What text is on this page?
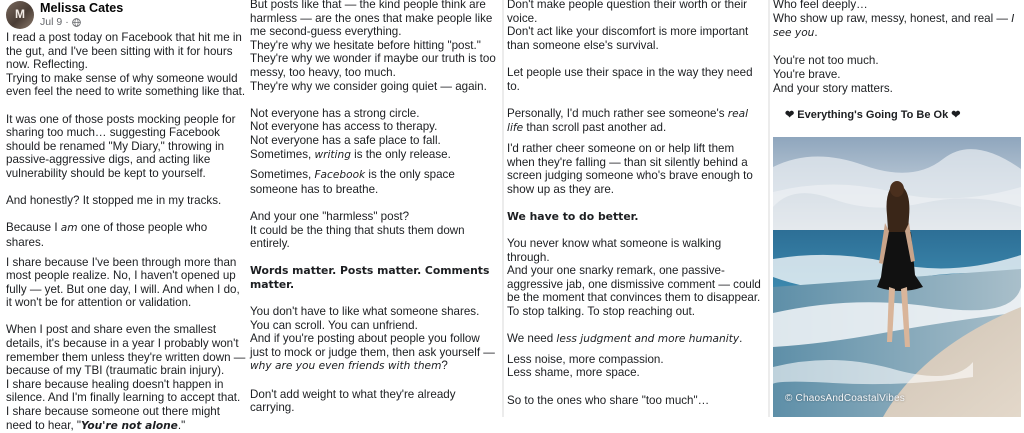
M Melissa Cates
Jul 9 ·
I read a post today on Facebook that hit me in the gut, and I've been sitting with it for hours now. Reflecting.
Trying to make sense of why someone would even feel the need to write something like that.
It was one of those posts mocking people for sharing too much… suggesting Facebook should be renamed "My Diary," throwing in passive-aggressive digs, and acting like vulnerability should be kept to yourself.
And honestly? It stopped me in my tracks.
Because I am one of those people who shares.
I share because I've been through more than most people realize. No, I haven't opened up fully — yet. But one day, I will. And when I do, it won't be for attention or validation.
When I post and share even the smallest details, it's because in a year I probably won't remember them unless they're written down — because of my TBI (traumatic brain injury).
I share because healing doesn't happen in silence. And I'm finally learning to accept that.
I share because someone out there might need to hear, "You're not alone."
But posts like that — the kind people think are harmless — are the ones that make people like me second-guess everything.
They're why we hesitate before hitting "post."
They're why we wonder if maybe our truth is too messy, too heavy, too much.
They're why we consider going quiet — again.
Not everyone has a strong circle.
Not everyone has access to therapy.
Not everyone has a safe place to fall.
Sometimes, writing is the only release.
Sometimes, Facebook is the only space someone has to breathe.
And your one "harmless" post?
It could be the thing that shuts them down entirely.
Words matter. Posts matter. Comments matter.
You don't have to like what someone shares.
You can scroll. You can unfriend.
And if you're posting about people you follow just to mock or judge them, then ask yourself — why are you even friends with them?
Don't add weight to what they're already carrying.
Don't make people question their worth or their voice.
Don't act like your discomfort is more important than someone else's survival.
Let people use their space in the way they need to.
Personally, I'd much rather see someone's real life than scroll past another ad.
I'd rather cheer someone on or help lift them when they're falling — than sit silently behind a screen judging someone who's brave enough to show up as they are.
We have to do better.
You never know what someone is walking through.
And your one snarky remark, one passive-aggressive jab, one dismissive comment — could be the moment that convinces them to disappear. To stop talking. To stop reaching out.
We need less judgment and more humanity.
Less noise, more compassion.
Less shame, more space.
So to the ones who share "too much"…
Who feel deeply…
Who show up raw, messy, honest, and real — I see you.
You're not too much.
You're brave.
And your story matters.
❤ Everything's Going To Be Ok ❤
© ChaosAndCoastalVibes
